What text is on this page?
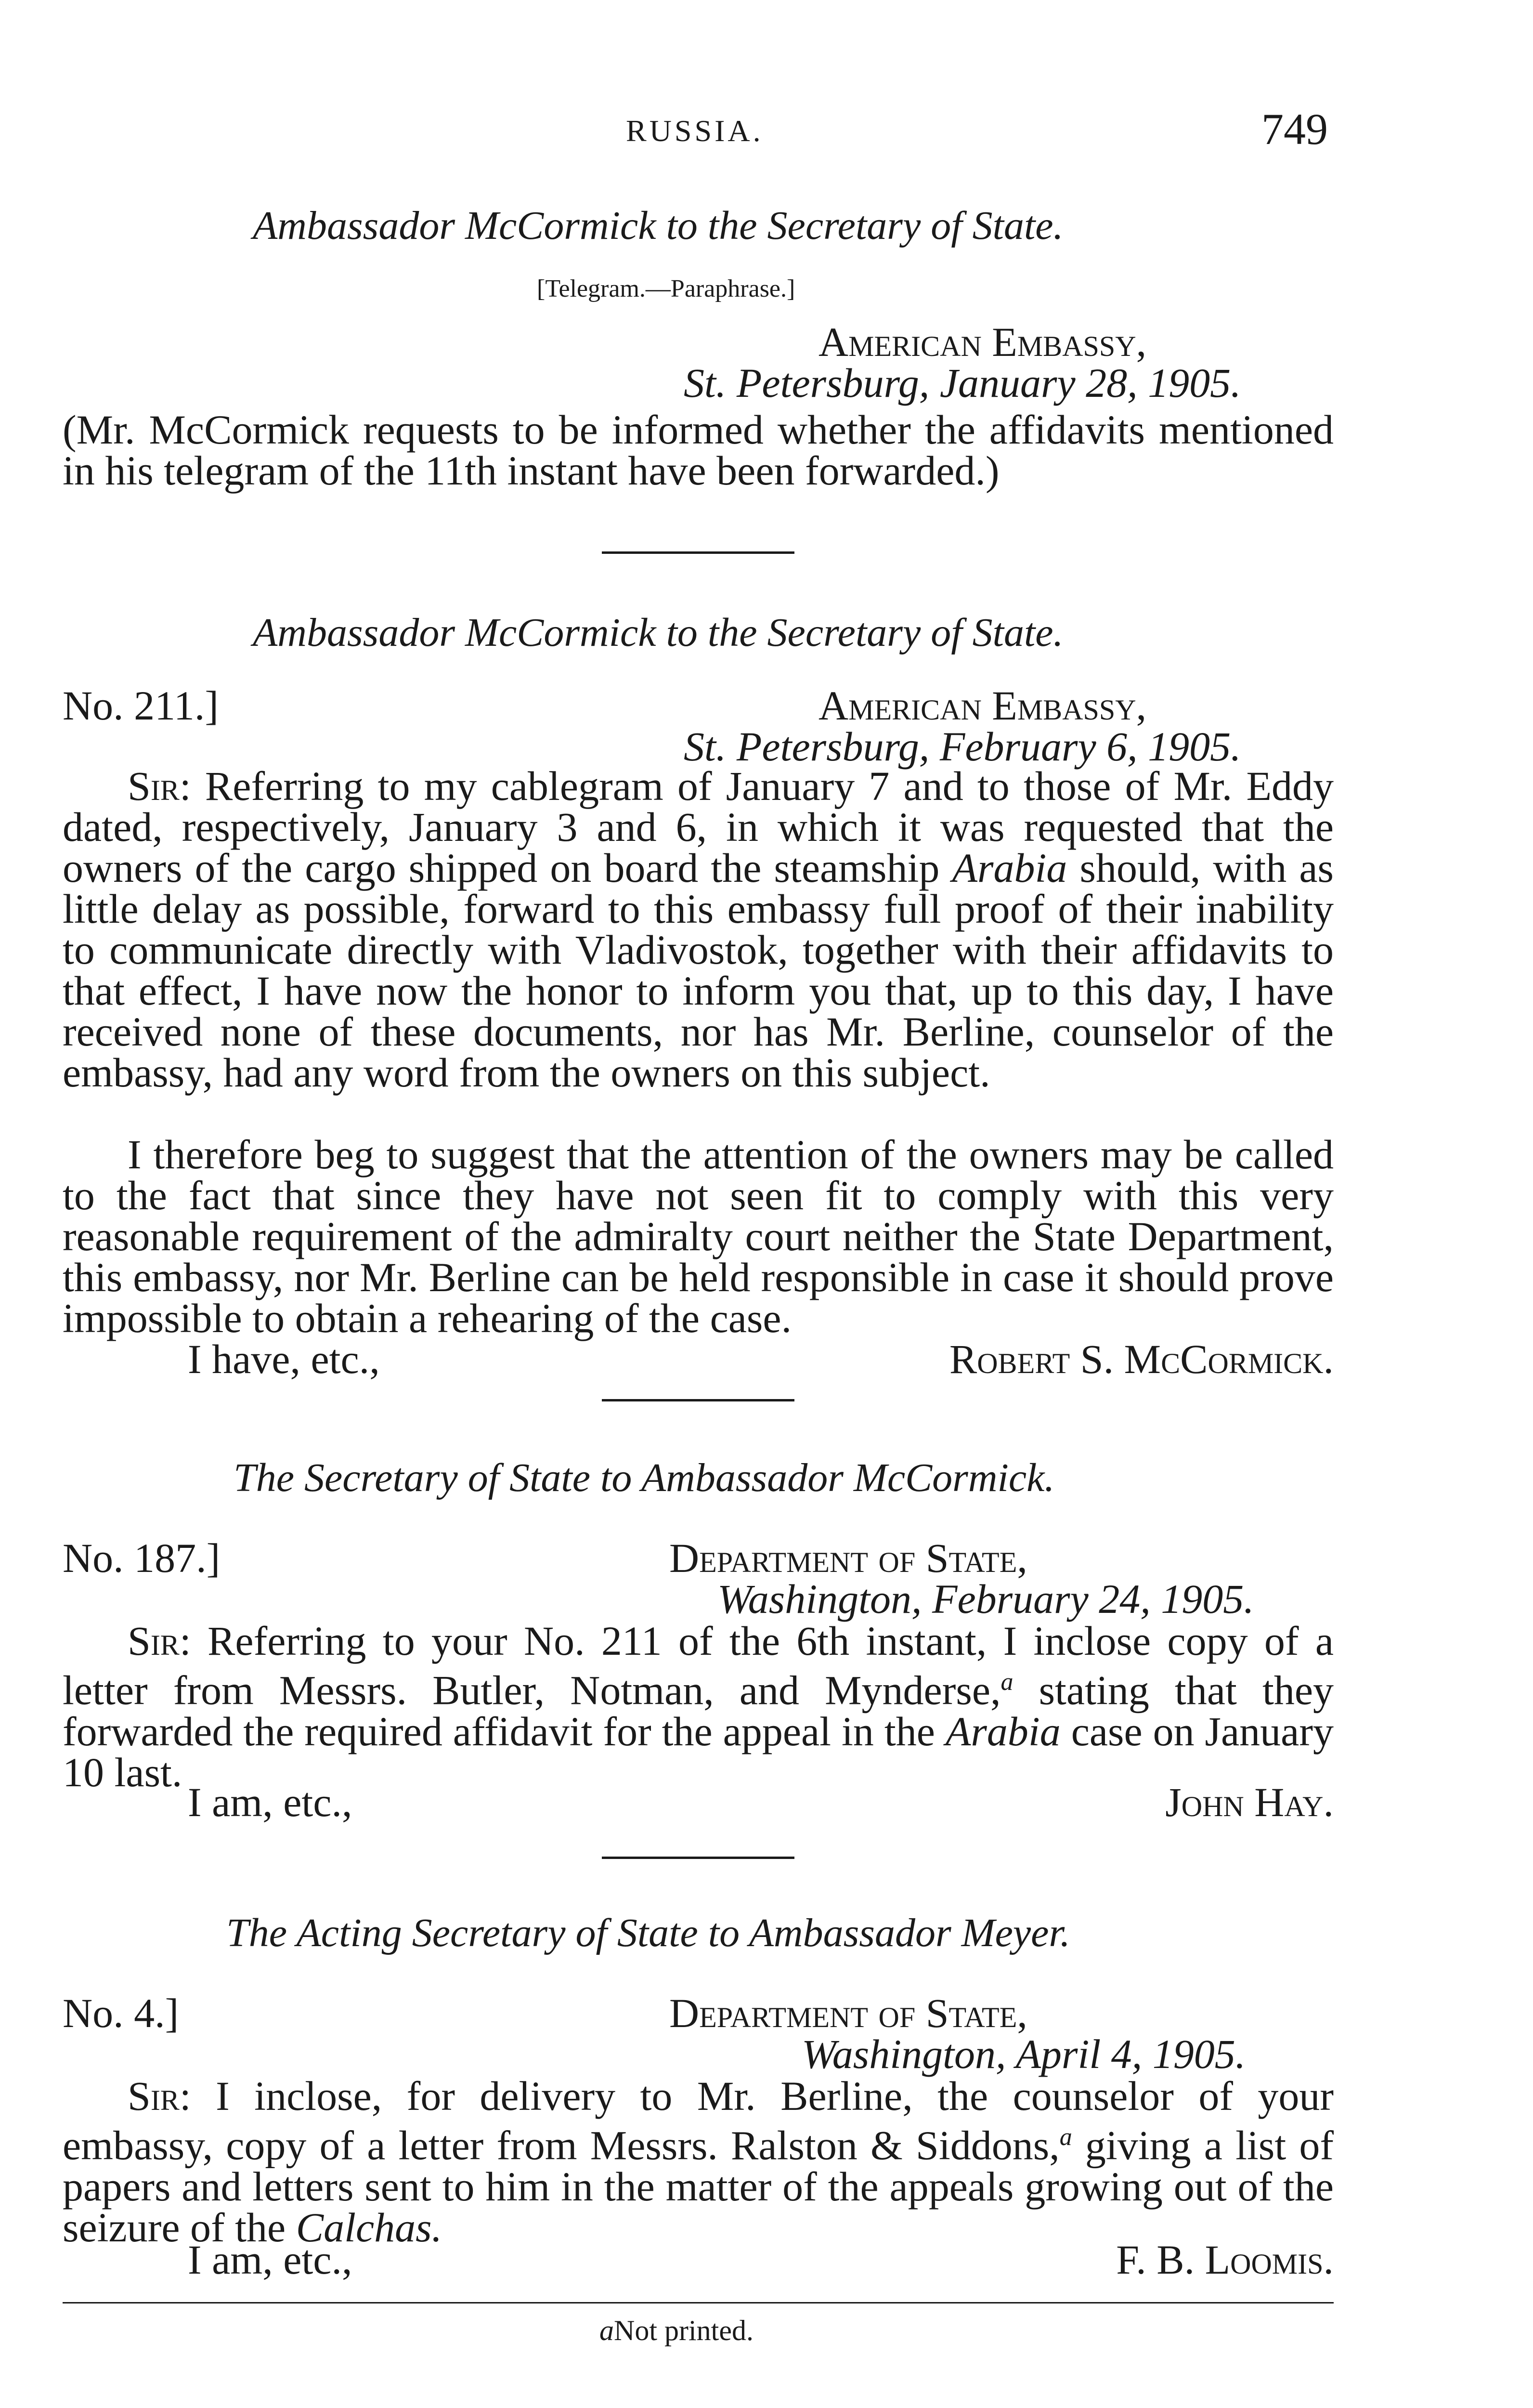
RUSSIA.	749
Ambassador McCormick to the Secretary of State.
[Telegram.—Paraphrase.]
American Embassy,
St. Petersburg, January 28, 1905.
(Mr. McCormick requests to be informed whether the affidavits mentioned in his telegram of the 11th instant have been forwarded.)
Ambassador McCormick to the Secretary of State.
No. 211.]	American Embassy,
St. Petersburg, February 6, 1905.
Sir: Referring to my cablegram of January 7 and to those of Mr. Eddy dated, respectively, January 3 and 6, in which it was requested that the owners of the cargo shipped on board the steamship Arabia should, with as little delay as possible, forward to this embassy full proof of their inability to communicate directly with Vladivostok, together with their affidavits to that effect, I have now the honor to inform you that, up to this day, I have received none of these documents, nor has Mr. Berline, counselor of the embassy, had any word from the owners on this subject.
I therefore beg to suggest that the attention of the owners may be called to the fact that since they have not seen fit to comply with this very reasonable requirement of the admiralty court neither the State Department, this embassy, nor Mr. Berline can be held responsible in case it should prove impossible to obtain a rehearing of the case.
I have, etc.,	Robert S. McCormick.
The Secretary of State to Ambassador McCormick.
No. 187.]	Department of State,
Washington, February 24, 1905.
Sir: Referring to your No. 211 of the 6th instant, I inclose copy of a letter from Messrs. Butler, Notman, and Mynderse,$^a$ stating that they forwarded the required affidavit for the appeal in the Arabia case on January 10 last.
I am, etc.,	John Hay.
The Acting Secretary of State to Ambassador Meyer.
No. 4.]	Department of State,
Washington, April 4, 1905.
Sir: I inclose, for delivery to Mr. Berline, the counselor of your embassy, copy of a letter from Messrs. Ralston & Siddons,$^a$ giving a list of papers and letters sent to him in the matter of the appeals growing out of the seizure of the Calchas.
I am, etc.,	F. B. Loomis.
aNot printed.
